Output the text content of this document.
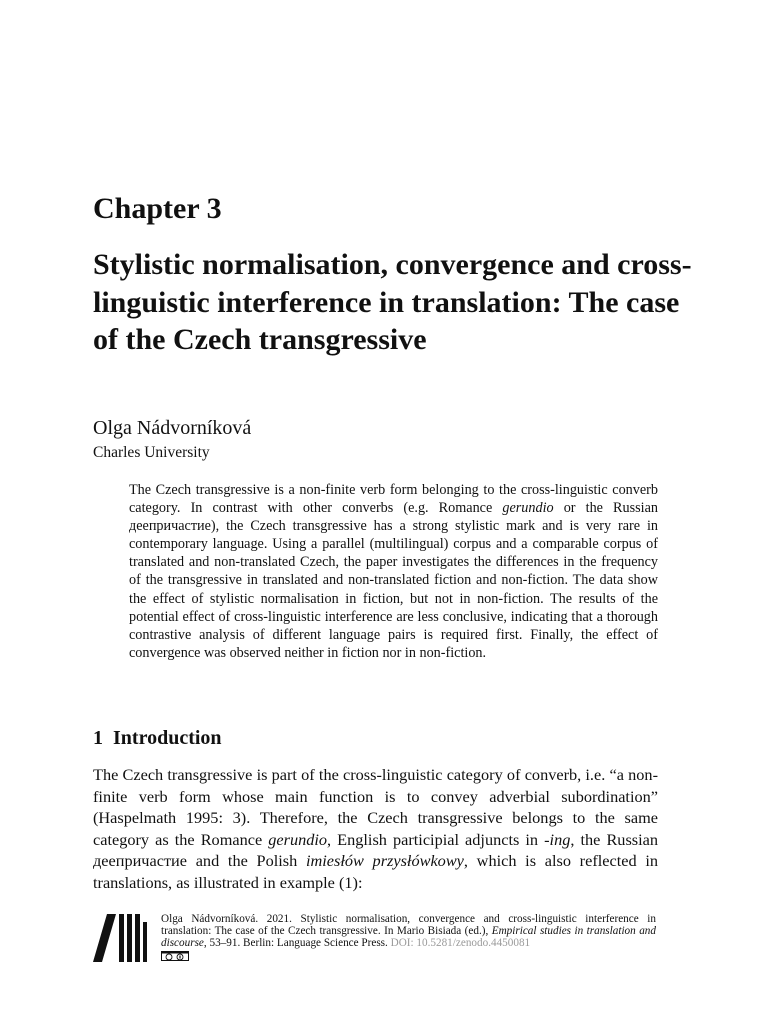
Chapter 3
Stylistic normalisation, convergence and cross-linguistic interference in translation: The case of the Czech transgressive

Olga Nádvorníková

Charles University

The Czech transgressive is a non-finite verb form belonging to the cross-linguistic converb category. In contrast with other converbs (e.g. Romance gerundio or the Russian деепричастие), the Czech transgressive has a strong stylistic mark and is very rare in contemporary language. Using a parallel (multilingual) corpus and a comparable corpus of translated and non-translated Czech, the paper investigates the differences in the frequency of the transgressive in translated and non-translated fiction and non-fiction. The data show the effect of stylistic normalisation in fiction, but not in non-fiction. The results of the potential effect of cross-linguistic interference are less conclusive, indicating that a thorough contrastive analysis of different language pairs is required first. Finally, the effect of convergence was observed neither in fiction nor in non-fiction.

1 Introduction

The Czech transgressive is part of the cross-linguistic category of converb, i.e. “a non-finite verb form whose main function is to convey adverbial subordination” (Haspelmath 1995: 3). Therefore, the Czech transgressive belongs to the same category as the Romance gerundio, English participial adjuncts in -ing, the Russian деепричастие and the Polish imiesłów przysłówkowy, which is also reflected in translations, as illustrated in example (1):

Olga Nádvorníková. 2021. Stylistic normalisation, convergence and cross-linguistic interference in translation: The case of the Czech transgressive. In Mario Bisiada (ed.), Empirical studies in translation and discourse, 53–91. Berlin: Language Science Press. DOI: 10.5281/zenodo.4450081
